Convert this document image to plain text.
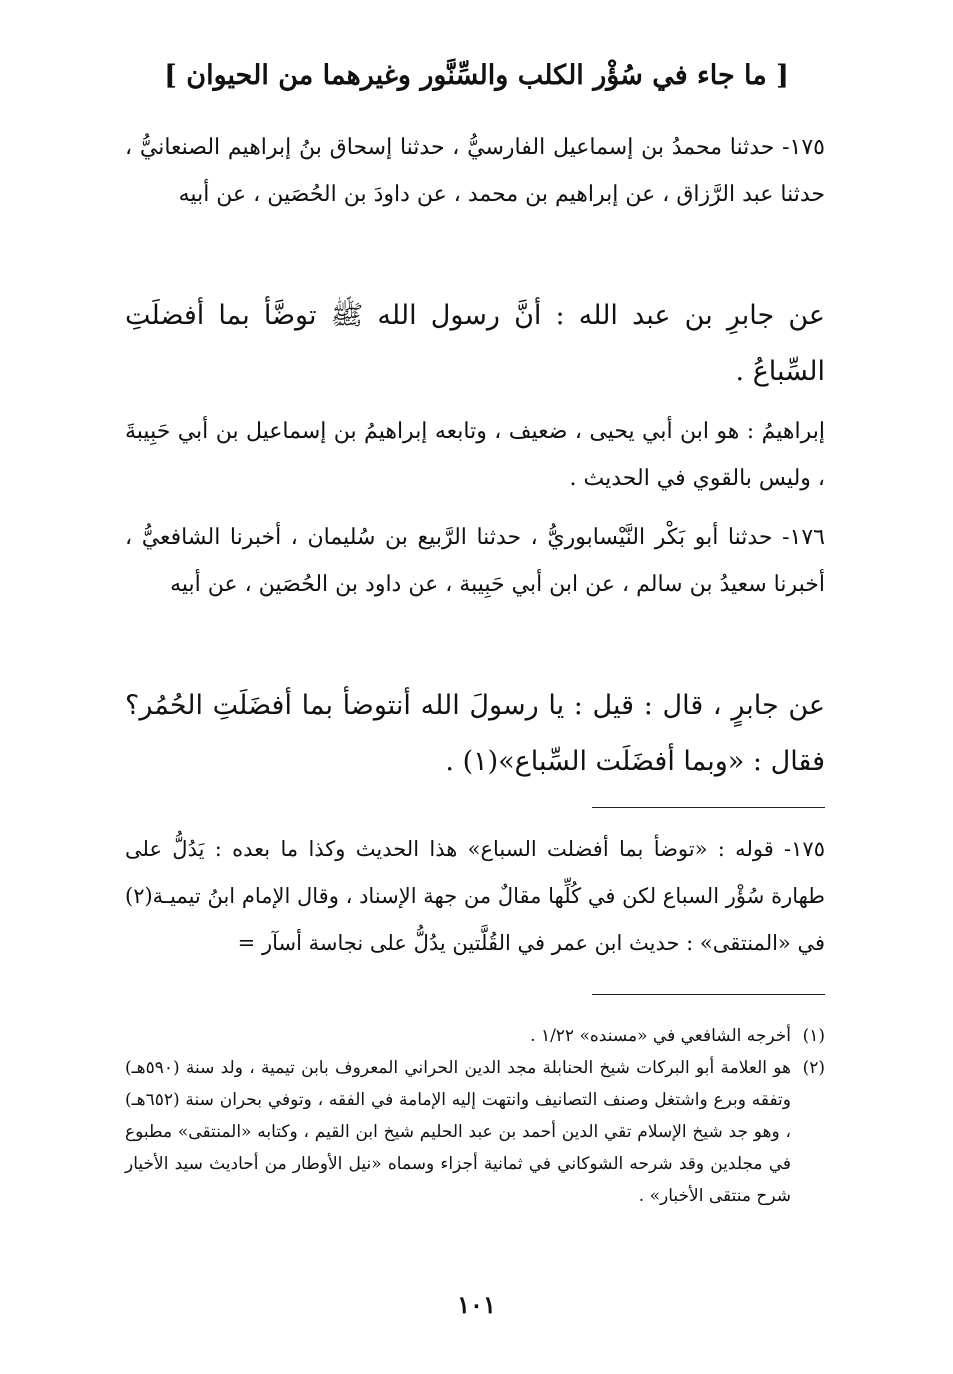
[ ما جاء في سُؤْر الكلب والسِّنَّور وغيرهما من الحيوان ]
١٧٥- حدثنا محمدُ بن إسماعيل الفارسيُّ ، حدثنا إسحاق بنُ إبراهيم الصنعانيُّ ، حدثنا عبد الرَّزاق ، عن إبراهيم بن محمد ، عن داودَ بن الحُصَين ، عن أبيه
عن جابرِ بن عبد الله : أنَّ رسول الله ﷺ توضَّأ بما أفضلَتِ السِّباعُ .
إبراهيمُ : هو ابن أبي يحيى ، ضعيف ، وتابعه إبراهيمُ بن إسماعيل بن أبي حَبِيبةَ ، وليس بالقوي في الحديث .
١٧٦- حدثنا أبو بَكْر النَّيْسابوريُّ ، حدثنا الرَّبيع بن سُليمان ، أخبرنا الشافعيُّ ، أخبرنا سعيدُ بن سالم ، عن ابن أبي حَبِيبة ، عن داود بن الحُصَين ، عن أبيه
عن جابرٍ ، قال : قيل : يا رسولَ الله أنتوضأ بما أفضَلَتِ الحُمُر؟ فقال : «وبما أفضَلَت السِّباع»(١) .
١٧٥- قوله : «توضأ بما أفضلت السباع» هذا الحديث وكذا ما بعده : يَدُلُّ على طهارة سُؤْر السباع لكن في كُلِّها مقالٌ من جهة الإسناد ، وقال الإمام ابنُ تيميـة(٢) في «المنتقى» : حديث ابن عمر في القُلَّتين يدُلُّ على نجاسة أسآر =
(١)
أخرجه الشافعي في «مسنده» ١/٢٢ .
(٢)
هو العلامة أبو البركات شيخ الحنابلة مجد الدين الحراني المعروف بابن تيمية ، ولد سنة (٥٩٠هـ) وتفقه وبرع واشتغل وصنف التصانيف وانتهت إليه الإمامة في الفقه ، وتوفي بحران سنة (٦٥٢هـ) ، وهو جد شيخ الإسلام تقي الدين أحمد بن عبد الحليم شيخ ابن القيم ، وكتابه «المنتقى» مطبوع في مجلدين وقد شرحه الشوكاني في ثمانية أجزاء وسماه «نيل الأوطار من أحاديث سيد الأخيار شرح منتقى الأخبار» .
١٠١
